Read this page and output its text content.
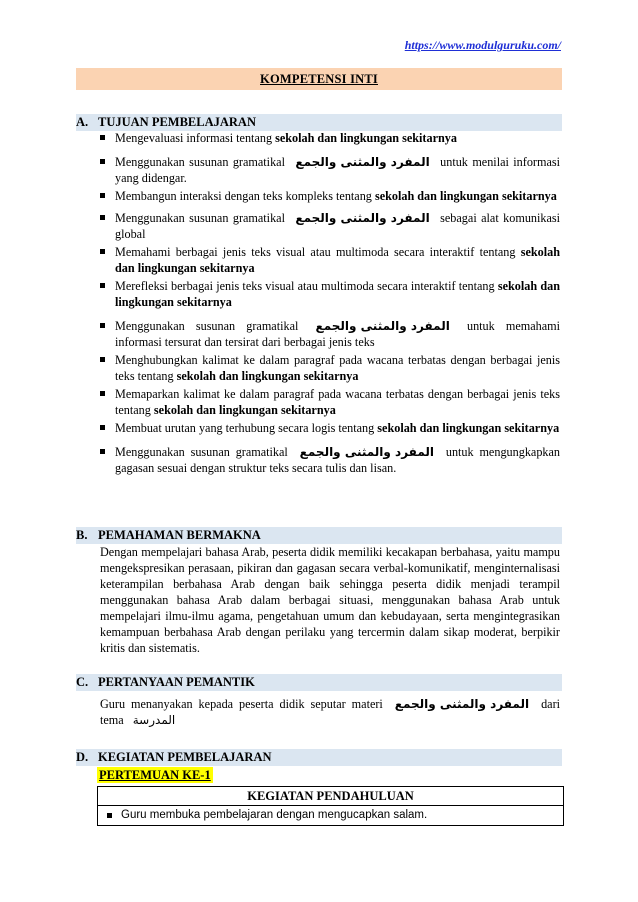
https://www.modulguruku.com/
KOMPETENSI INTI
A. TUJUAN PEMBELAJARAN
Mengevaluasi informasi tentang sekolah dan lingkungan sekitarnya
Menggunakan susunan gramatikal المفرد والمثنى والجمع untuk menilai informasi yang didengar.
Membangun interaksi dengan teks kompleks tentang sekolah dan lingkungan sekitarnya
Menggunakan susunan gramatikal المفرد والمثنى والجمع sebagai alat komunikasi global
Memahami berbagai jenis teks visual atau multimoda secara interaktif tentang sekolah dan lingkungan sekitarnya
Merefleksi berbagai jenis teks visual atau multimoda secara interaktif tentang sekolah dan lingkungan sekitarnya
Menggunakan susunan gramatikal المفرد والمثنى والجمع untuk memahami informasi tersurat dan tersirat dari berbagai jenis teks
Menghubungkan kalimat ke dalam paragraf pada wacana terbatas dengan berbagai jenis teks tentang sekolah dan lingkungan sekitarnya
Memaparkan kalimat ke dalam paragraf pada wacana terbatas dengan berbagai jenis teks tentang sekolah dan lingkungan sekitarnya
Membuat urutan yang terhubung secara logis tentang sekolah dan lingkungan sekitarnya
Menggunakan susunan gramatikal المفرد والمثنى والجمع untuk mengungkapkan gagasan sesuai dengan struktur teks secara tulis dan lisan.
B. PEMAHAMAN BERMAKNA
Dengan mempelajari bahasa Arab, peserta didik memiliki kecakapan berbahasa, yaitu mampu mengekspresikan perasaan, pikiran dan gagasan secara verbal-komunikatif, menginternalisasi keterampilan berbahasa Arab dengan baik sehingga peserta didik menjadi terampil menggunakan bahasa Arab dalam berbagai situasi, menggunakan bahasa Arab untuk mempelajari ilmu-ilmu agama, pengetahuan umum dan kebudayaan, serta mengintegrasikan kemampuan berbahasa Arab dengan perilaku yang tercermin dalam sikap moderat, berpikir kritis dan sistematis.
C. PERTANYAAN PEMANTIK
Guru menanyakan kepada peserta didik seputar materi المفرد والمثنى والجمع dari tema المدرسة
D. KEGIATAN PEMBELAJARAN
PERTEMUAN KE-1
KEGIATAN PENDAHULUAN
Guru membuka pembelajaran dengan mengucapkan salam.
